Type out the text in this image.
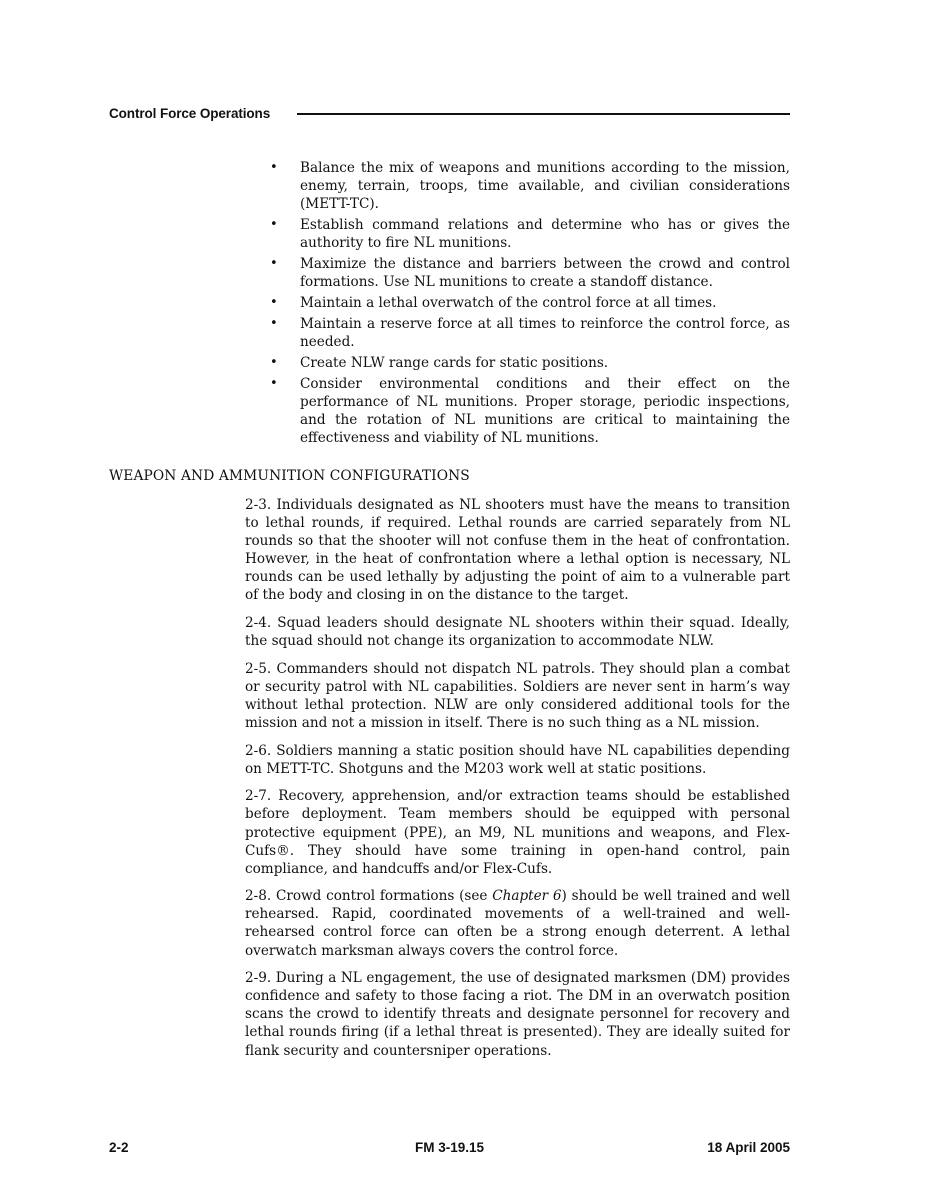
Control Force Operations
• Balance the mix of weapons and munitions according to the mission, enemy, terrain, troops, time available, and civilian considerations (METT-TC).
• Establish command relations and determine who has or gives the authority to fire NL munitions.
• Maximize the distance and barriers between the crowd and control formations. Use NL munitions to create a standoff distance.
• Maintain a lethal overwatch of the control force at all times.
• Maintain a reserve force at all times to reinforce the control force, as needed.
• Create NLW range cards for static positions.
• Consider environmental conditions and their effect on the performance of NL munitions. Proper storage, periodic inspections, and the rotation of NL munitions are critical to maintaining the effectiveness and viability of NL munitions.
WEAPON AND AMMUNITION CONFIGURATIONS

2-3. Individuals designated as NL shooters must have the means to transition to lethal rounds, if required. Lethal rounds are carried separately from NL rounds so that the shooter will not confuse them in the heat of confrontation. However, in the heat of confrontation where a lethal option is necessary, NL rounds can be used lethally by adjusting the point of aim to a vulnerable part of the body and closing in on the distance to the target.

2-4. Squad leaders should designate NL shooters within their squad. Ideally, the squad should not change its organization to accommodate NLW.

2-5. Commanders should not dispatch NL patrols. They should plan a combat or security patrol with NL capabilities. Soldiers are never sent in harm’s way without lethal protection. NLW are only considered additional tools for the mission and not a mission in itself. There is no such thing as a NL mission.

2-6. Soldiers manning a static position should have NL capabilities depending on METT-TC. Shotguns and the M203 work well at static positions.

2-7. Recovery, apprehension, and/or extraction teams should be established before deployment. Team members should be equipped with personal protective equipment (PPE), an M9, NL munitions and weapons, and Flex-Cufs®. They should have some training in open-hand control, pain compliance, and handcuffs and/or Flex-Cufs.

2-8. Crowd control formations (see Chapter 6) should be well trained and well rehearsed. Rapid, coordinated movements of a well-trained and well-rehearsed control force can often be a strong enough deterrent. A lethal overwatch marksman always covers the control force.

2-9. During a NL engagement, the use of designated marksmen (DM) provides confidence and safety to those facing a riot. The DM in an overwatch position scans the crowd to identify threats and designate personnel for recovery and lethal rounds firing (if a lethal threat is presented). They are ideally suited for flank security and countersniper operations.

2-2	FM 3-19.15	18 April 2005
